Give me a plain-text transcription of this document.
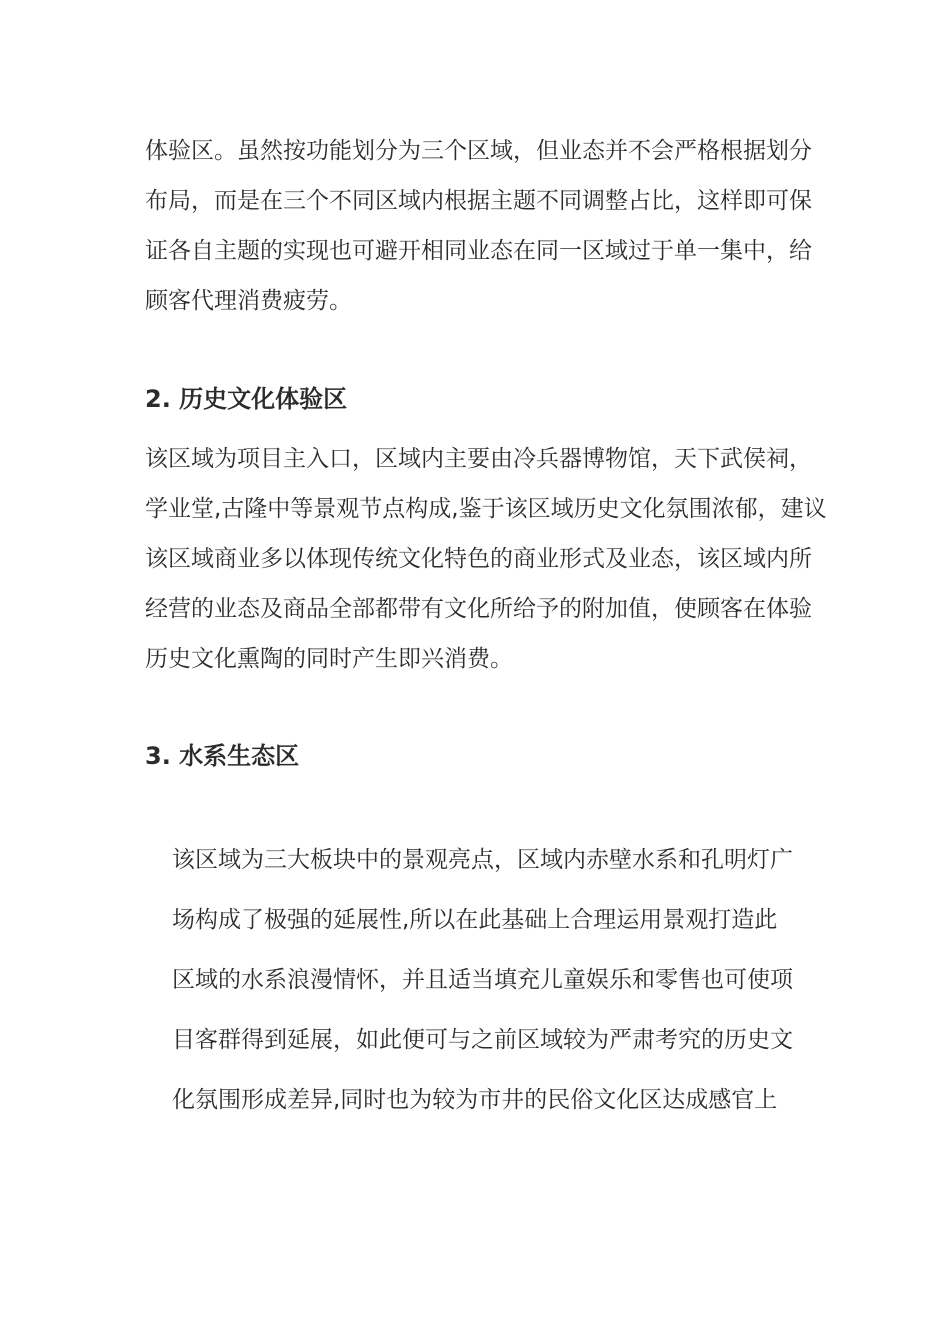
体验区。虽然按功能划分为三个区域，但业态并不会严格根据划分
布局，而是在三个不同区域内根据主题不同调整占比，这样即可保
证各自主题的实现也可避开相同业态在同一区域过于单一集中，给
顾客代理消费疲劳。
2. 历史文化体验区
该区域为项目主入口，区域内主要由冷兵器博物馆，天下武侯祠，
学业堂,古隆中等景观节点构成,鉴于该区域历史文化氛围浓郁，建议
该区域商业多以体现传统文化特色的商业形式及业态，该区域内所
经营的业态及商品全部都带有文化所给予的附加值，使顾客在体验
历史文化熏陶的同时产生即兴消费。
3. 水系生态区
该区域为三大板块中的景观亮点，区域内赤壁水系和孔明灯广
场构成了极强的延展性,所以在此基础上合理运用景观打造此
区域的水系浪漫情怀，并且适当填充儿童娱乐和零售也可使项
目客群得到延展，如此便可与之前区域较为严肃考究的历史文
化氛围形成差异,同时也为较为市井的民俗文化区达成感官上
